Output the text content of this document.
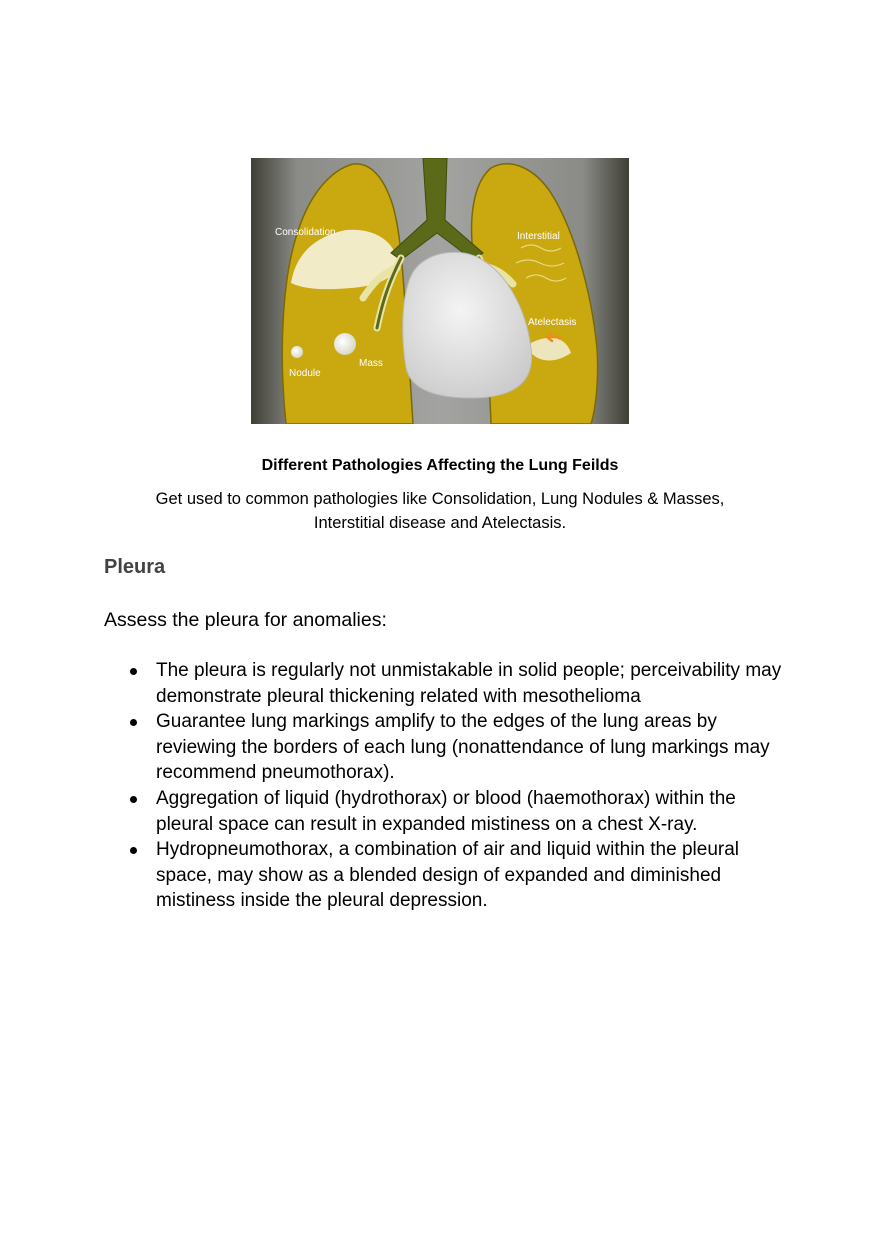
Consolidation	Interstitial
Atelectasis
Mass
Nodule
Different Pathologies Affecting the Lung Feilds
Get used to common pathologies like Consolidation, Lung Nodules & Masses, Interstitial disease and Atelectasis.
Pleura
Assess the pleura for anomalies:
The pleura is regularly not unmistakable in solid people; perceivability may demonstrate pleural thickening related with mesothelioma
Guarantee lung markings amplify to the edges of the lung areas by reviewing the borders of each lung (nonattendance of lung markings may recommend pneumothorax).
Aggregation of liquid (hydrothorax) or blood (haemothorax) within the pleural space can result in expanded mistiness on a chest X-ray.
Hydropneumothorax, a combination of air and liquid within the pleural space, may show as a blended design of expanded and diminished mistiness inside the pleural depression.
